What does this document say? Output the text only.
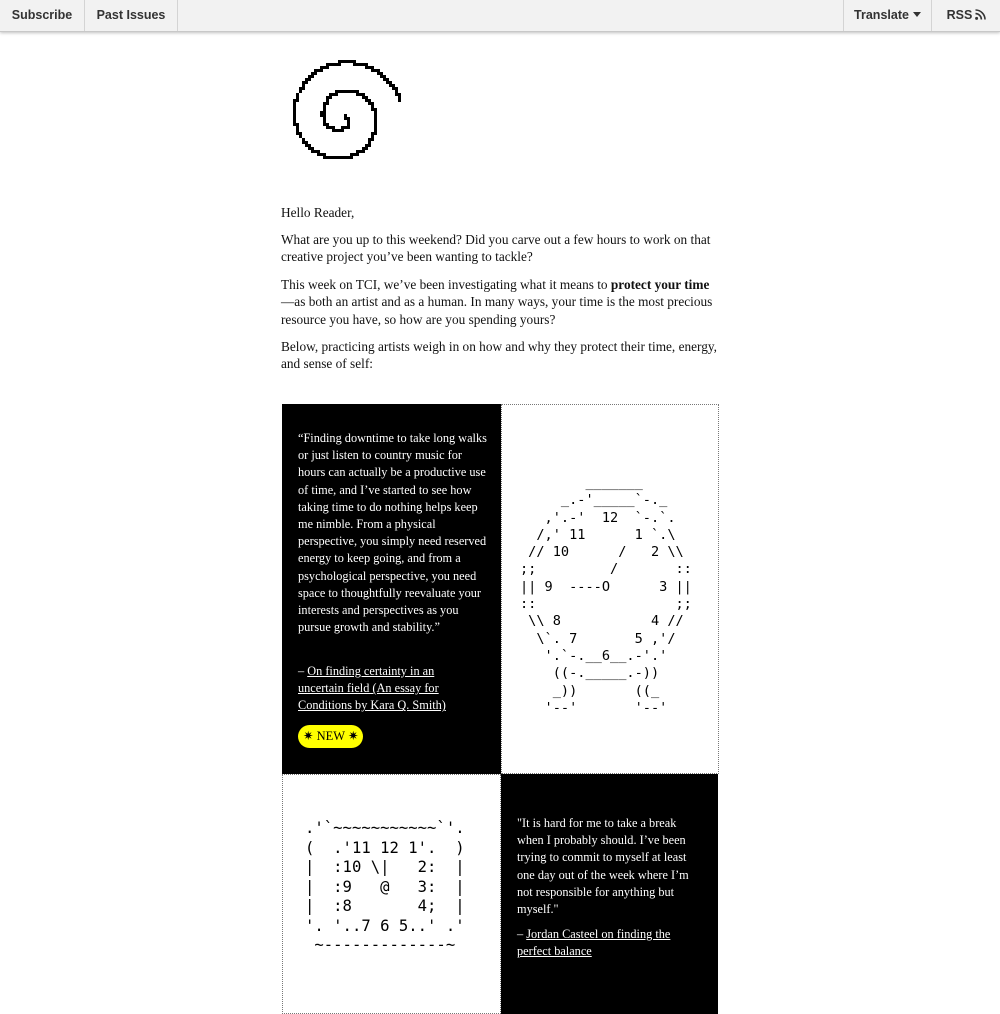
Subscribe	Past Issues	Translate	RSS

Hello Reader,

What are you up to this weekend? Did you carve out a few hours to work on that creative project you’ve been wanting to tackle?

This week on TCI, we’ve been investigating what it means to protect your time—as both an artist and as a human. In many ways, your time is the most precious resource you have, so how are you spending yours?

Below, practicing artists weigh in on how and why they protect their time, energy, and sense of self:

“Finding downtime to take long walks or just listen to country music for hours can actually be a productive use of time, and I’ve started to see how taking time to do nothing helps keep me nimble. From a physical perspective, you simply need reserved energy to keep going, and from a psychological perspective, you need space to thoughtfully reevaluate your interests and perspectives as you pursue growth and stability.”

– On finding certainty in an uncertain field (An essay for Conditions by Kara Q. Smith)

✷ NEW ✷
_______
_.-'_____`-._
,'.-'  12  `-.`.
/,' 11      1 `.\
// 10      /   2 \\
;;         /       ::
|| 9  ----O      3 ||
::                 ;;
\\ 8           4 //
\`. 7       5 ,'/
'.`-.__6__.-'.'
((-._____.-))
_))       ((_
'--'       '--'
.'`~~~~~~~~~~~`'.
(  .'11 12 1'.  )
|  :10 \|   2:  |
|  :9   @   3:  |
|  :8       4;  |
'. '..7 6 5..' .'
~-------------~

"It is hard for me to take a break when I probably should. I’ve been trying to commit to myself at least one day out of the week where I’m not responsible for anything but myself."

– Jordan Casteel on finding the perfect balance
